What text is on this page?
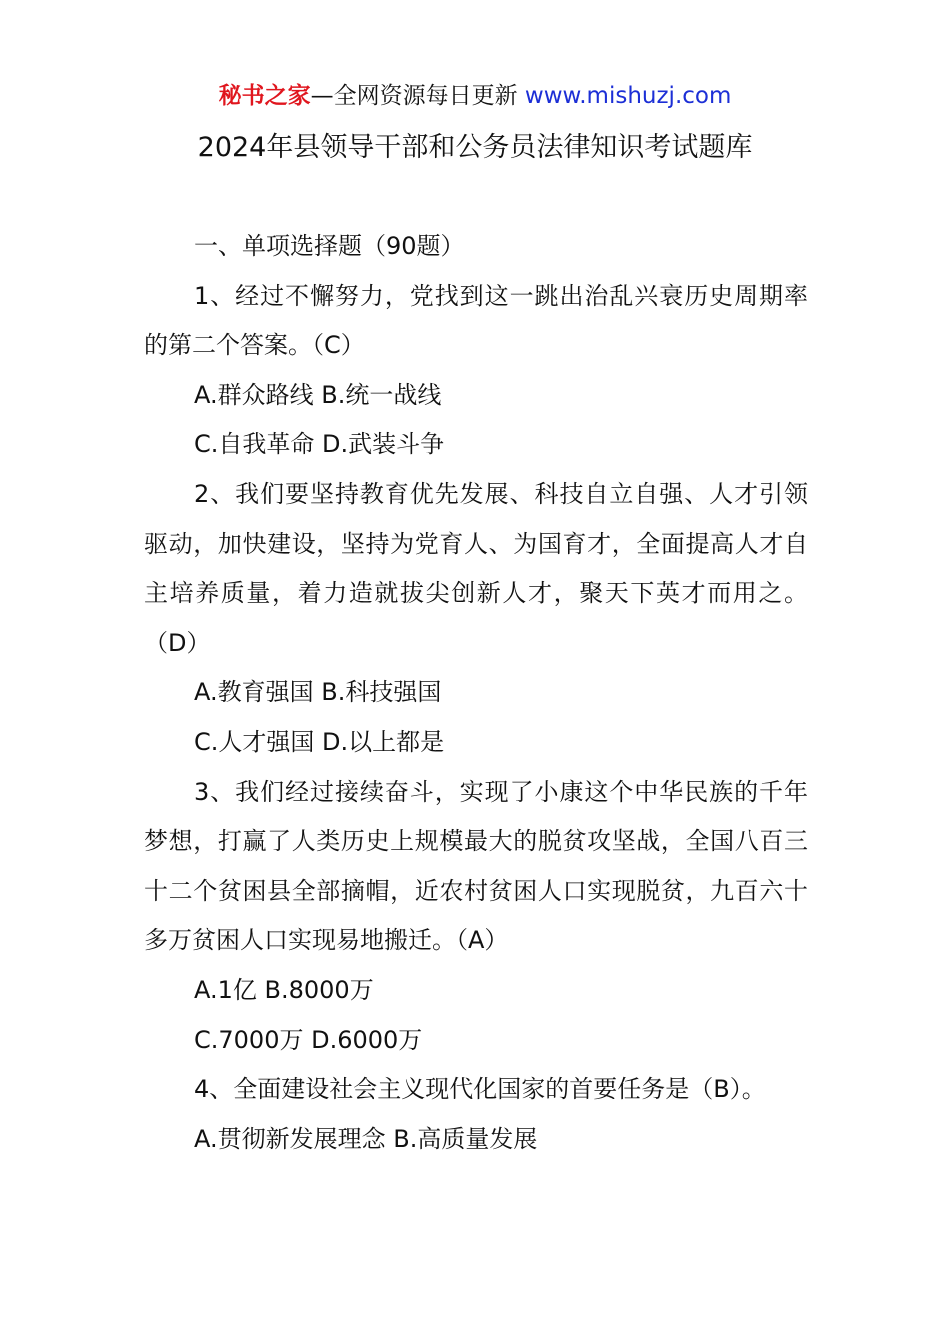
秘书之家—全网资源每日更新 www.mishuzj.com
2024年县领导干部和公务员法律知识考试题库

一、单项选择题（90题）

1、经过不懈努力，党找到这一跳出治乱兴衰历史周期率的第二个答案。（C）

A.群众路线 B.统一战线

C.自我革命 D.武装斗争

2、我们要坚持教育优先发展、科技自立自强、人才引领驱动，加快建设，坚持为党育人、为国育才，全面提高人才自主培养质量，着力造就拔尖创新人才，聚天下英才而用之。（D）

A.教育强国 B.科技强国

C.人才强国 D.以上都是

3、我们经过接续奋斗，实现了小康这个中华民族的千年梦想，打赢了人类历史上规模最大的脱贫攻坚战，全国八百三十二个贫困县全部摘帽，近农村贫困人口实现脱贫，九百六十多万贫困人口实现易地搬迁。（A）

A.1亿 B.8000万

C.7000万 D.6000万

4、全面建设社会主义现代化国家的首要任务是（B）。

A.贯彻新发展理念 B.高质量发展
